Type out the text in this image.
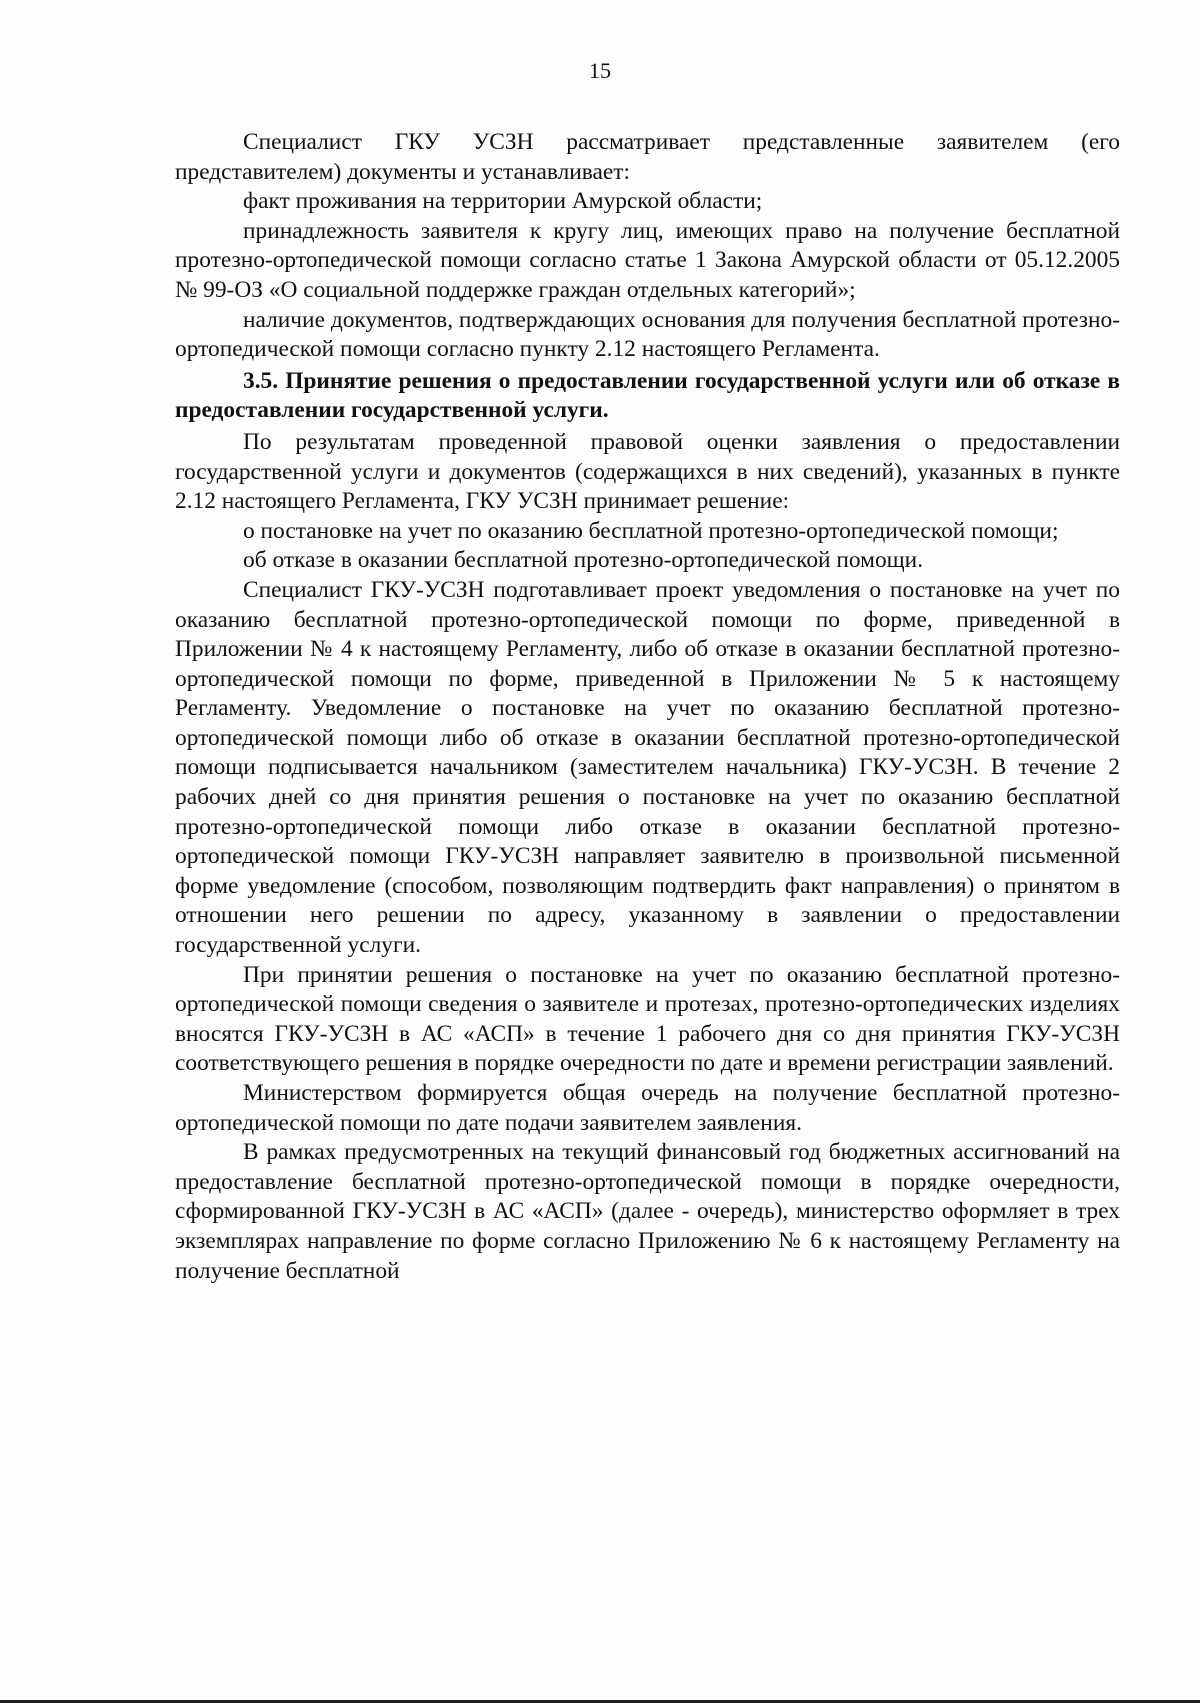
15

Специалист ГКУ УСЗН рассматривает представленные заявителем (его представителем) документы и устанавливает:

факт проживания на территории Амурской области;

принадлежность заявителя к кругу лиц, имеющих право на получение бесплатной протезно-ортопедической помощи согласно статье 1 Закона Амурской области от 05.12.2005 № 99-ОЗ «О социальной поддержке граждан отдельных категорий»;

наличие документов, подтверждающих основания для получения бесплатной протезно-ортопедической помощи согласно пункту 2.12 настоящего Регламента.

3.5. Принятие решения о предоставлении государственной услуги или об отказе в предоставлении государственной услуги.

По результатам проведенной правовой оценки заявления о предоставлении государственной услуги и документов (содержащихся в них сведений), указанных в пункте 2.12 настоящего Регламента, ГКУ УСЗН принимает решение:

о постановке на учет по оказанию бесплатной протезно-ортопедической помощи;

об отказе в оказании бесплатной протезно-ортопедической помощи.

Специалист ГКУ-УСЗН подготавливает проект уведомления о постановке на учет по оказанию бесплатной протезно-ортопедической помощи по форме, приведенной в Приложении № 4 к настоящему Регламенту, либо об отказе в оказании бесплатной протезно-ортопедической помощи по форме, приведенной в Приложении № 5 к настоящему Регламенту. Уведомление о постановке на учет по оказанию бесплатной протезно-ортопедической помощи либо об отказе в оказании бесплатной протезно-ортопедической помощи подписывается начальником (заместителем начальника) ГКУ-УСЗН. В течение 2 рабочих дней со дня принятия решения о постановке на учет по оказанию бесплатной протезно-ортопедической помощи либо отказе в оказании бесплатной протезно-ортопедической помощи ГКУ-УСЗН направляет заявителю в произвольной письменной форме уведомление (способом, позволяющим подтвердить факт направления) о принятом в отношении него решении по адресу, указанному в заявлении о предоставлении государственной услуги.

При принятии решения о постановке на учет по оказанию бесплатной протезно-ортопедической помощи сведения о заявителе и протезах, протезно-ортопедических изделиях вносятся ГКУ-УСЗН в АС «АСП» в течение 1 рабочего дня со дня принятия ГКУ-УСЗН соответствующего решения в порядке очередности по дате и времени регистрации заявлений.

Министерством формируется общая очередь на получение бесплатной протезно-ортопедической помощи по дате подачи заявителем заявления.

В рамках предусмотренных на текущий финансовый год бюджетных ассигнований на предоставление бесплатной протезно-ортопедической помощи в порядке очередности, сформированной ГКУ-УСЗН в АС «АСП» (далее - очередь), министерство оформляет в трех экземплярах направление по форме согласно Приложению № 6 к настоящему Регламенту на получение бесплатной
